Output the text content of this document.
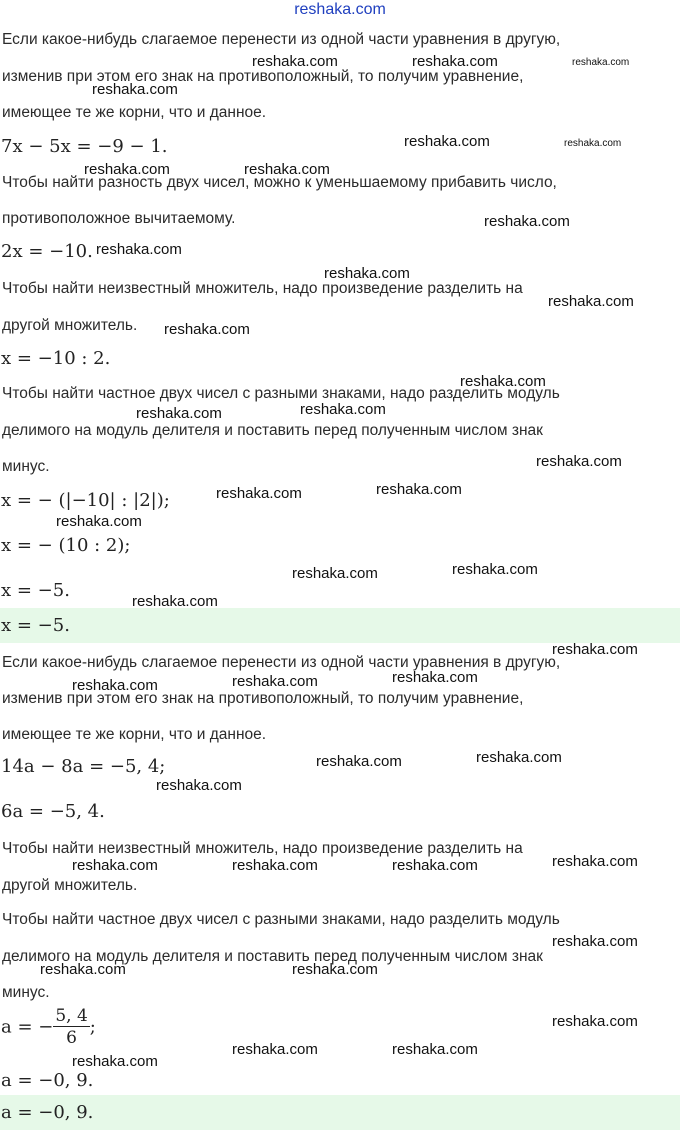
reshaka.com
Если какое-нибудь слагаемое перенести из одной части уравнения в другую,
изменив при этом его знак на противоположный, то получим уравнение,
имеющее те же корни, что и данное.
7x − 5x = −9 − 1.
Чтобы найти разность двух чисел, можно к уменьшаемому прибавить число,
противоположное вычитаемому.
2x = −10.
Чтобы найти неизвестный множитель, надо произведение разделить на
другой множитель.
x = −10 : 2.
Чтобы найти частное двух чисел с разными знаками, надо разделить модуль
делимого на модуль делителя и поставить перед полученным числом знак
минус.
x = − (|−10| : |2|);
x = − (10 : 2);
x = −5.
x = −5.
Если какое-нибудь слагаемое перенести из одной части уравнения в другую,
изменив при этом его знак на противоположный, то получим уравнение,
имеющее те же корни, что и данное.
14a − 8a = −5, 4;
6a = −5, 4.
Чтобы найти неизвестный множитель, надо произведение разделить на
другой множитель.
Чтобы найти частное двух чисел с разными знаками, надо разделить модуль
делимого на модуль делителя и поставить перед полученным числом знак
минус.
a = − $\frac{5, 4}{6}$ ;
a = −0, 9.
a = −0, 9.
reshaka.com	reshaka.com	reshaka.com
reshaka.com
reshaka.com	reshaka.com
reshaka.com	reshaka.com
reshaka.com
reshaka.com
reshaka.com
reshaka.com
reshaka.com
reshaka.com
reshaka.com
reshaka.com
reshaka.com
reshaka.com
reshaka.com
reshaka.com
reshaka.com
reshaka.com
reshaka.com
reshaka.com
reshaka.com
reshaka.com
reshaka.com
reshaka.com
reshaka.com
reshaka.com
reshaka.com
reshaka.com
reshaka.com
reshaka.com
reshaka.com
reshaka.com
reshaka.com
reshaka.com
reshaka.com
reshaka.com
reshaka.com
